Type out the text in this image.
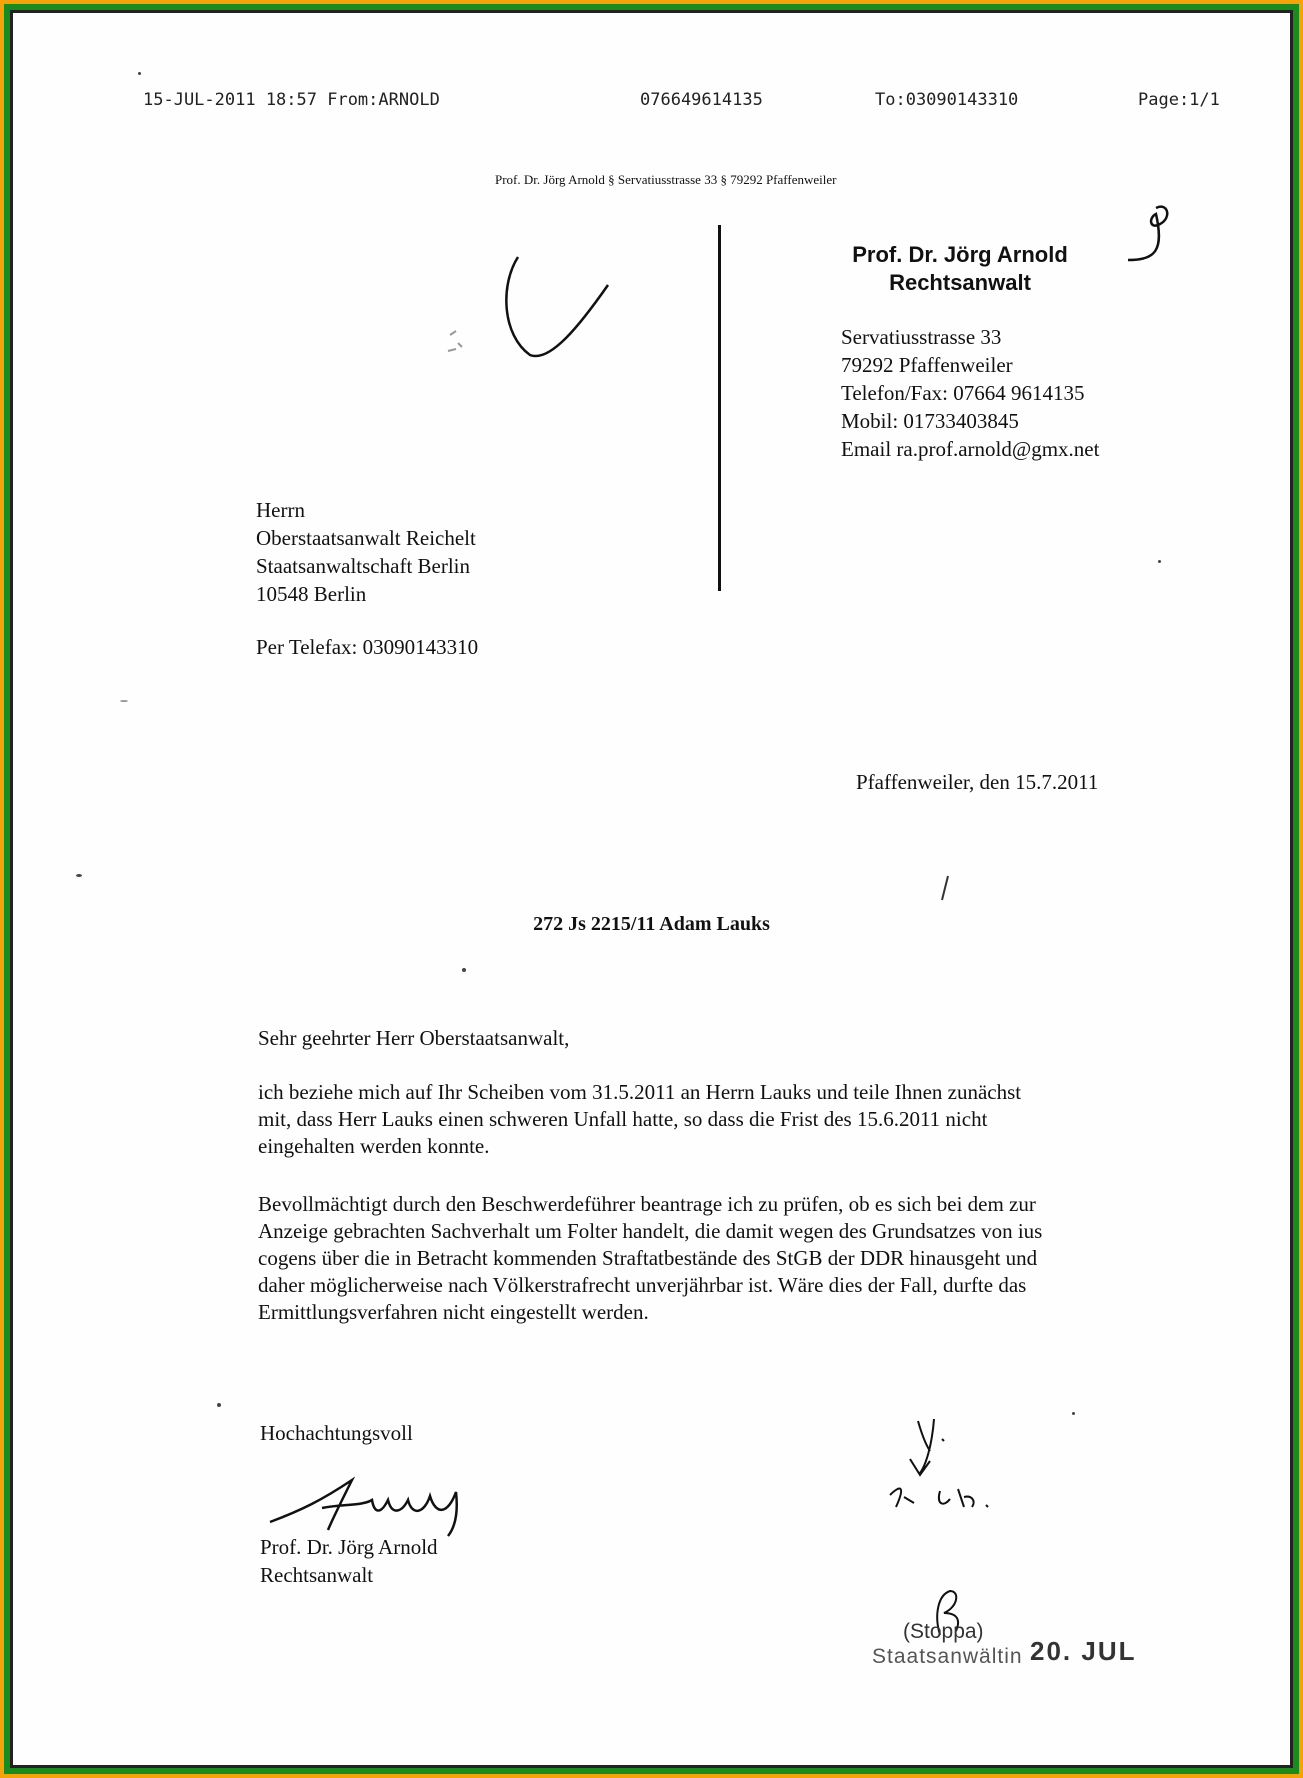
15-JUL-2011 18:57 From:ARNOLD	076649614135	To:03090143310	Page:1/1
Prof. Dr. Jörg Arnold § Servatiusstrasse 33 § 79292 Pfaffenweiler
Prof. Dr. Jörg Arnold
Rechtsanwalt
Servatiusstrasse 33
79292 Pfaffenweiler
Telefon/Fax: 07664 9614135
Mobil: 01733403845
Email ra.prof.arnold@gmx.net
Herrn
Oberstaatsanwalt Reichelt
Staatsanwaltschaft Berlin
10548 Berlin
Per Telefax: 03090143310
Pfaffenweiler, den 15.7.2011
272 Js 2215/11 Adam Lauks
Sehr geehrter Herr Oberstaatsanwalt,
ich beziehe mich auf Ihr Scheiben vom 31.5.2011 an Herrn Lauks und teile Ihnen zunächst
mit, dass Herr Lauks einen schweren Unfall hatte, so dass die Frist des 15.6.2011 nicht
eingehalten werden konnte.
Bevollmächtigt durch den Beschwerdeführer beantrage ich zu prüfen, ob es sich bei dem zur
Anzeige gebrachten Sachverhalt um Folter handelt, die damit wegen des Grundsatzes von ius
cogens über die in Betracht kommenden Straftatbestände des StGB der DDR hinausgeht und
daher möglicherweise nach Völkerstrafrecht unverjährbar ist. Wäre dies der Fall, durfte das
Ermittlungsverfahren nicht eingestellt werden.
Hochachtungsvoll
Prof. Dr. Jörg Arnold
Rechtsanwalt
(Stoppa)
Staatsanwältin 20. JUL
